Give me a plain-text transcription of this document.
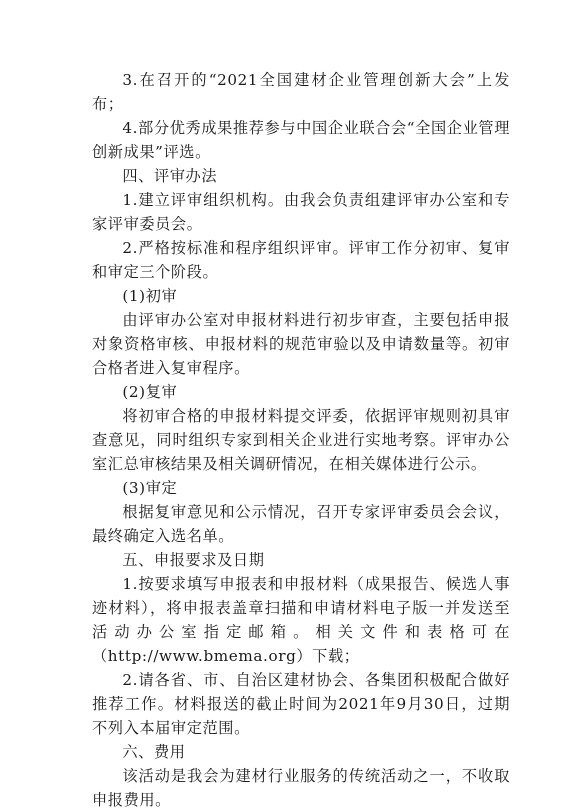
3.在召开的“2021全国建材企业管理创新大会”上发布；

4.部分优秀成果推荐参与中国企业联合会“全国企业管理创新成果”评选。

四、评审办法

1.建立评审组织机构。由我会负责组建评审办公室和专家评审委员会。

2.严格按标准和程序组织评审。评审工作分初审、复审和审定三个阶段。

(1)初审

由评审办公室对申报材料进行初步审查，主要包括申报对象资格审核、申报材料的规范审验以及申请数量等。初审合格者进入复审程序。

(2)复审

将初审合格的申报材料提交评委，依据评审规则初具审查意见，同时组织专家到相关企业进行实地考察。评审办公室汇总审核结果及相关调研情况，在相关媒体进行公示。

(3)审定

根据复审意见和公示情况，召开专家评审委员会会议，最终确定入选名单。

五、申报要求及日期

1.按要求填写申报表和申报材料（成果报告、候选人事迹材料），将申报表盖章扫描和申请材料电子版一并发送至活动办公室指定邮箱。相关文件和表格可在（http://www.bmema.org）下载；

2.请各省、市、自治区建材协会、各集团积极配合做好推荐工作。材料报送的截止时间为2021年9月30日，过期不列入本届审定范围。

六、费用

该活动是我会为建材行业服务的传统活动之一，不收取申报费用。
